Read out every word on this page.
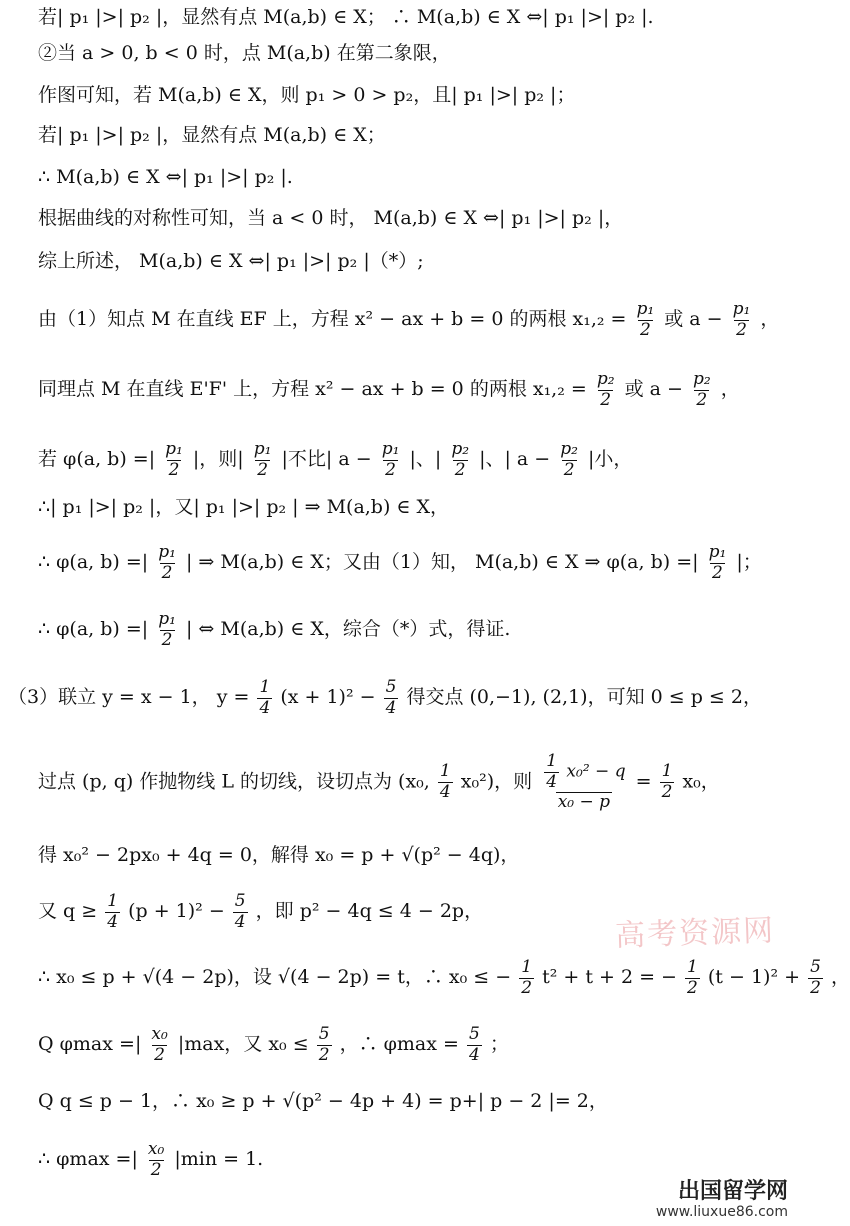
若| p₁ |>| p₂ |，显然有点 M(a,b) ∈ X； ∴ M(a,b) ∈ X ⇔| p₁ |>| p₂ |.
②当 a > 0, b < 0 时，点 M(a,b) 在第二象限，
作图可知，若 M(a,b) ∈ X，则 p₁ > 0 > p₂，且| p₁ |>| p₂ |；
若| p₁ |>| p₂ |，显然有点 M(a,b) ∈ X；
∴ M(a,b) ∈ X ⇔| p₁ |>| p₂ |.
根据曲线的对称性可知，当 a < 0 时， M(a,b) ∈ X ⇔| p₁ |>| p₂ |，
综上所述， M(a,b) ∈ X ⇔| p₁ |>| p₂ |（*）;
由（1）知点 M 在直线 EF 上，方程 x² − ax + b = 0 的两根 $x_1,_2 = \frac{\text{p₁}}{2}$ 或 $a - \frac{\text{p₁}}{2}$ ，
同理点 M 在直线 E'F' 上，方程 x² − ax + b = 0 的两根 $x_1,_2 = \frac{\text{p₂}}{2}$ 或 $a - \frac{\text{p₂}}{2}$ ，
若 φ(a, b) =| $\frac{\text{p₁}}{2}$ |，则| $\frac{\text{p₁}}{2}$ |不比| $a - \frac{\text{p₁}}{2}$ |、| $\frac{\text{p₂}}{2}$ |、| $a - \frac{\text{p₂}}{2}$ |小，
∴| p₁ |>| p₂ |，又| p₁ |>| p₂ | ⇒ M(a,b) ∈ X，
∴ φ(a, b) =| $\frac{\text{p₁}}{2}$ | ⇒ M(a,b) ∈ X；又由（1）知， M(a,b) ∈ X ⇒ φ(a, b) =| $\frac{\text{p₁}}{2}$ |；
∴ φ(a, b) =| $\frac{\text{p₁}}{2}$ | ⇔ M(a,b) ∈ X，综合（*）式，得证.
（3）联立 y = x − 1， $y = \frac{1}{4} (x + 1)^2 - \frac{5}{4}$ 得交点 (0,−1), (2,1)，可知 0 ≤ p ≤ 2，
过点 (p, q) 作抛物线 L 的切线，设切点为 (x₀, $\frac{1}{4} x_0^2$)，则 $\frac{\frac{1}{4} x_0^2 - q}{\text{x₀ − p}} = \frac{1}{2} x_0$，
得 x₀² − 2px₀ + 4q = 0，解得 x₀ = p + √(p² − 4q)，
又 $q \ge \frac{1}{4} (p + 1)^2 - \frac{5}{4}$ ，即 p² − 4q ≤ 4 − 2p，
∴ x₀ ≤ p + √(4 − 2p)，设 √(4 − 2p) = t，∴ x₀ ≤ − $\frac{1}{2} t^2 + t + 2$ = − $\frac{1}{2} (t - 1)^2 + \frac{5}{2}$ ，
Q φmax =| $\frac{\text{x₀}}{2} |\max$，又 $x_0 \le \frac{5}{2}$ ，∴ $\varphi\max = \frac{5}{4}$ ；
Q q ≤ p − 1，∴ x₀ ≥ p + √(p² − 4p + 4) = p+| p − 2 |= 2，
∴ φmax =| $\frac{\text{x₀}}{2} |\min = 1$.
高考资源网
出国留学网
www.liuxue86.com
